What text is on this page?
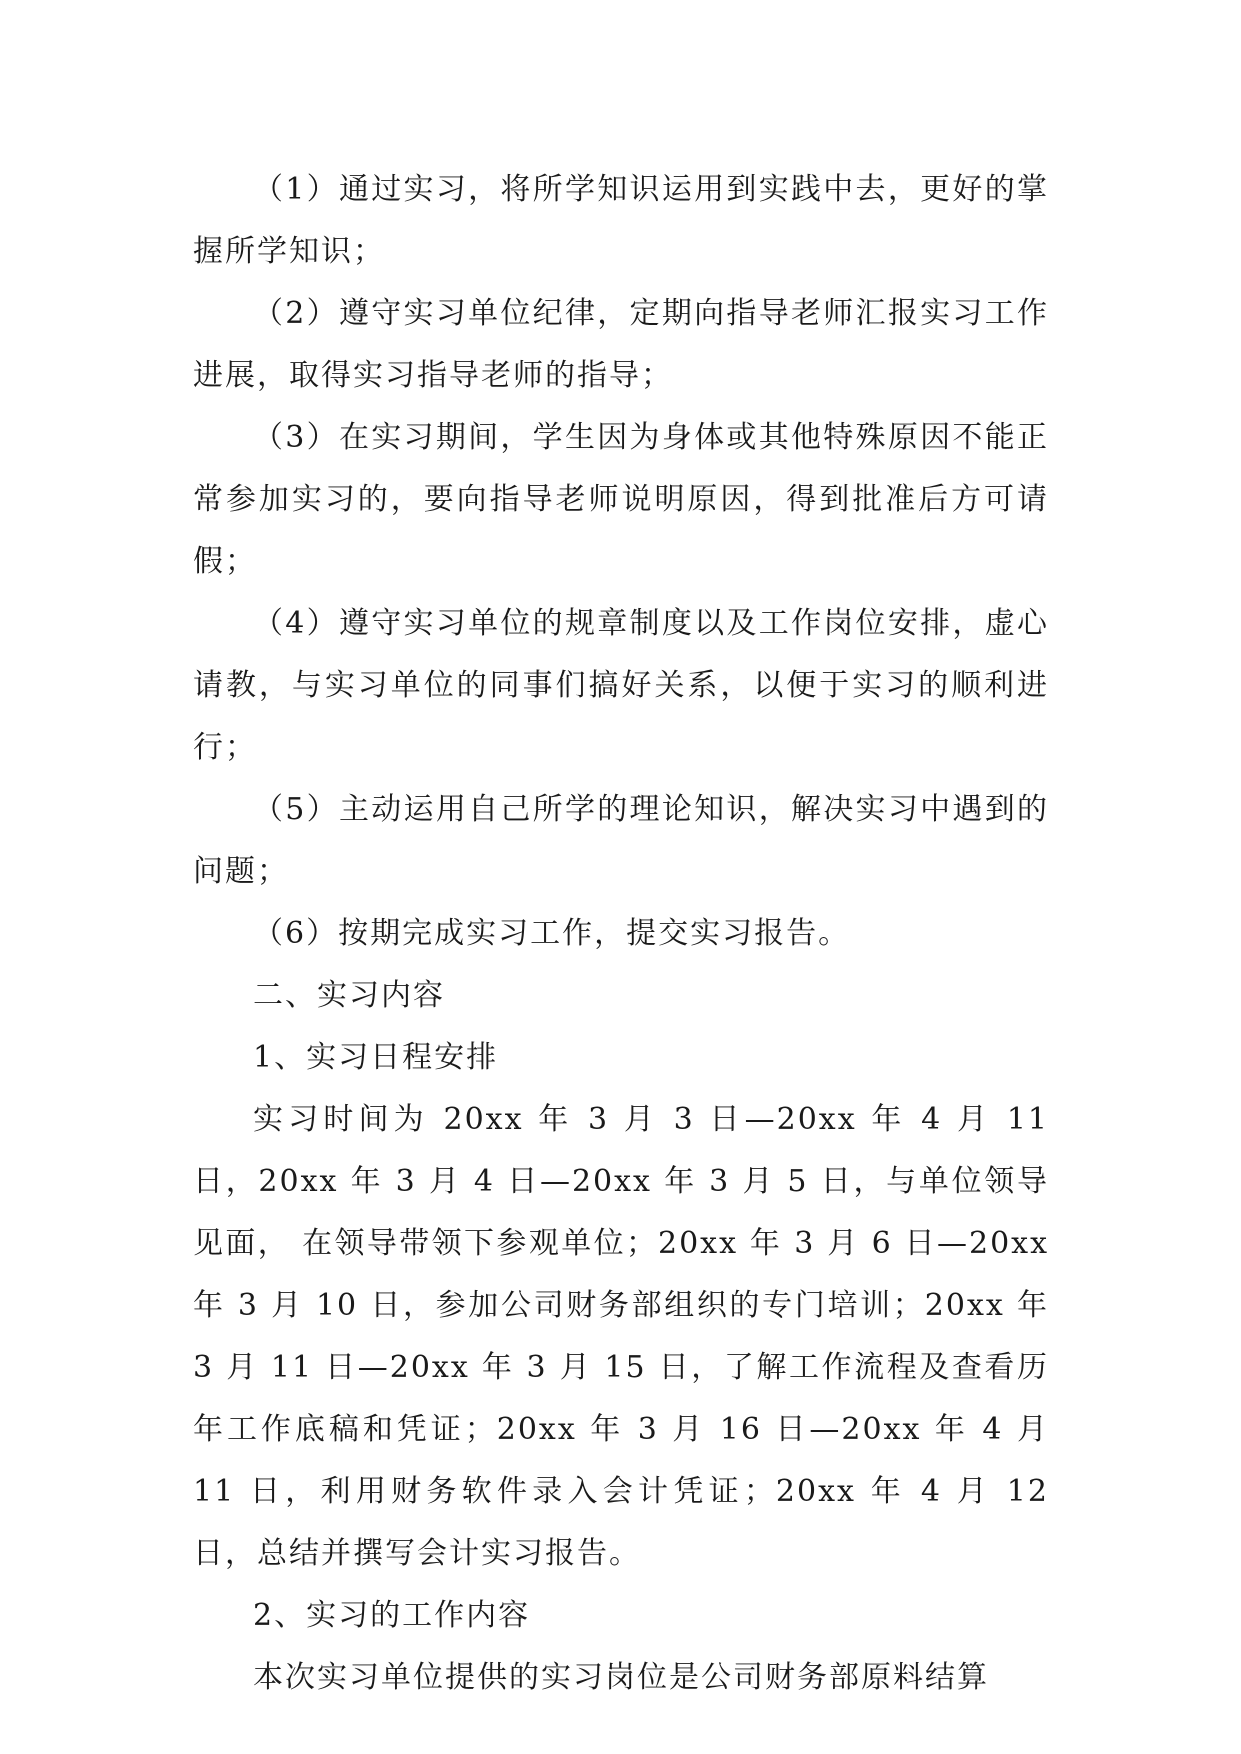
（1）通过实习，将所学知识运用到实践中去，更好的掌握所学知识；

（2）遵守实习单位纪律，定期向指导老师汇报实习工作进展，取得实习指导老师的指导；

（3）在实习期间，学生因为身体或其他特殊原因不能正常参加实习的，要向指导老师说明原因，得到批准后方可请假；

（4）遵守实习单位的规章制度以及工作岗位安排，虚心请教，与实习单位的同事们搞好关系，以便于实习的顺利进行；

（5）主动运用自己所学的理论知识，解决实习中遇到的问题；

（6）按期完成实习工作，提交实习报告。

二、实习内容

1、实习日程安排

实习时间为 20xx 年 3 月 3 日—20xx 年 4 月 11 日，20xx 年 3 月 4 日—20xx 年 3 月 5 日，与单位领导见面， 在领导带领下参观单位；20xx 年 3 月 6 日—20xx 年 3 月 10 日，参加公司财务部组织的专门培训；20xx 年 3 月 11 日—20xx 年 3 月 15 日，了解工作流程及查看历年工作底稿和凭证；20xx 年 3 月 16 日—20xx 年 4 月 11 日，利用财务软件录入会计凭证；20xx 年 4 月 12 日，总结并撰写会计实习报告。

2、实习的工作内容

本次实习单位提供的实习岗位是公司财务部原料结算
